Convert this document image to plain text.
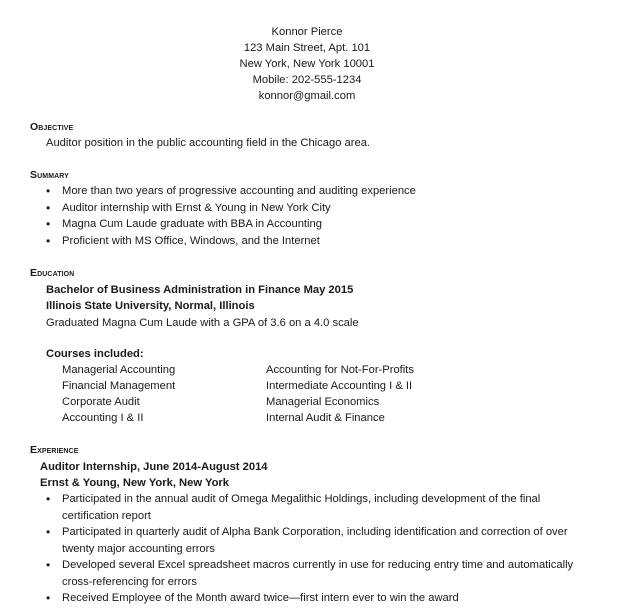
Konnor Pierce
123 Main Street, Apt. 101
New York, New York 10001
Mobile: 202-555-1234
konnor@gmail.com
Objective
Auditor position in the public accounting field in the Chicago area.
Summary
• More than two years of progressive accounting and auditing experience
• Auditor internship with Ernst & Young in New York City
• Magna Cum Laude graduate with BBA in Accounting
• Proficient with MS Office, Windows, and the Internet
Education
Bachelor of Business Administration in Finance May 2015
Illinois State University, Normal, Illinois
Graduated Magna Cum Laude with a GPA of 3.6 on a 4.0 scale
Courses included:
Managerial Accounting
Financial Management
Corporate Audit
Accounting I & II
Accounting for Not-For-Profits
Intermediate Accounting I & II
Managerial Economics
Internal Audit & Finance
Experience
Auditor Internship, June 2014-August 2014
Ernst & Young, New York, New York
• Participated in the annual audit of Omega Megalithic Holdings, including development of the final certification report
• Participated in quarterly audit of Alpha Bank Corporation, including identification and correction of over twenty major accounting errors
• Developed several Excel spreadsheet macros currently in use for reducing entry time and automatically cross-referencing for errors
• Received Employee of the Month award twice—first intern ever to win the award
